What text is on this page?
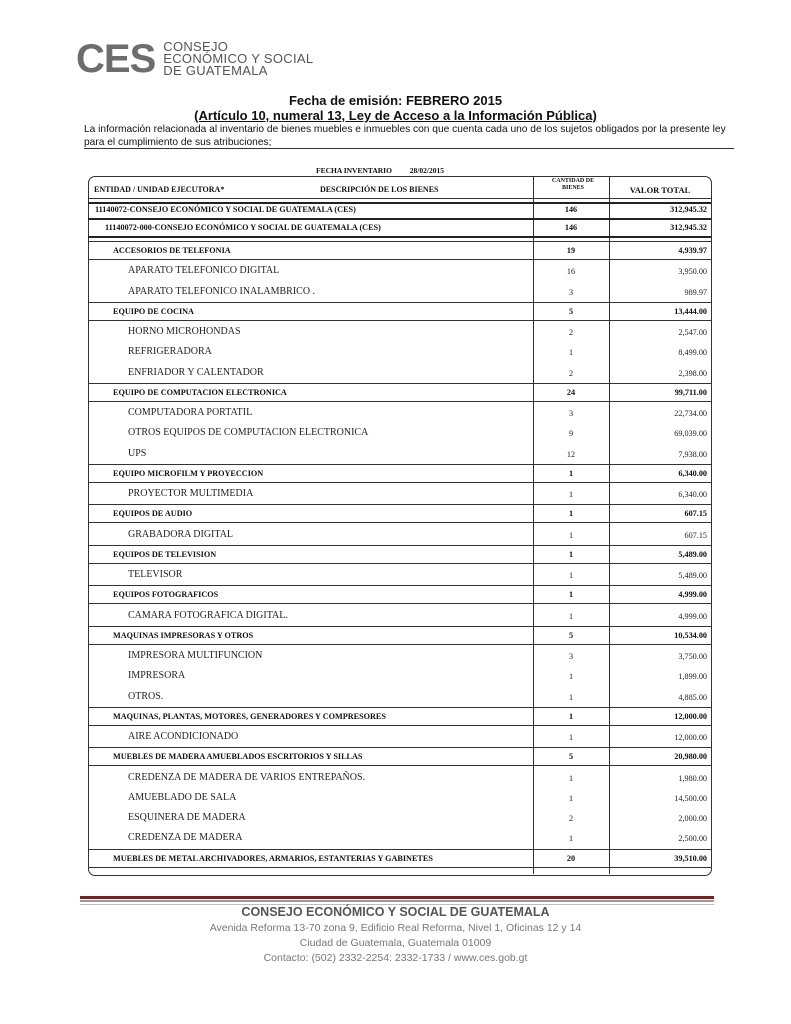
CES CONSEJO
ECONÓMICO Y SOCIAL
DE GUATEMALA
Fecha de emisión: FEBRERO 2015
(Artículo 10, numeral 13, Ley de Acceso a la Información Pública)
La información relacionada al inventario de bienes muebles e inmuebles con que cuenta cada uno de los sujetos obligados por la presente ley para el cumplimiento de sus atribuciones;
FECHA INVENTARIO 28/02/2015
ENTIDAD / UNIDAD EJECUTORA*	DESCRIPCIÓN DE LOS BIENES
CANTIDAD DE BIENES	VALOR TOTAL
11140072-CONSEJO ECONÓMICO Y SOCIAL DE GUATEMALA (CES)	146	312,945.32
11140072-000-CONSEJO ECONÓMICO Y SOCIAL DE GUATEMALA (CES)	146	312,945.32
ACCESORIOS DE TELEFONIA	19	4,939.97
APARATO TELEFONICO DIGITAL	16	3,950.00
APARATO TELEFONICO INALAMBRICO .	3	989.97
EQUIPO DE COCINA	5	13,444.00
HORNO MICROHONDAS	2	2,547.00
REFRIGERADORA	1	8,499.00
ENFRIADOR Y CALENTADOR	2	2,398.00
EQUIPO DE COMPUTACION ELECTRONICA	24	99,711.00
COMPUTADORA PORTATIL	3	22,734.00
OTROS EQUIPOS DE COMPUTACION ELECTRONICA	9	69,039.00
UPS	12	7,938.00
EQUIPO MICROFILM Y PROYECCION	1	6,340.00
PROYECTOR MULTIMEDIA	1	6,340.00
EQUIPOS DE AUDIO	1	607.15
GRABADORA DIGITAL	1	607.15
EQUIPOS DE TELEVISION	1	5,489.00
TELEVISOR	1	5,489.00
EQUIPOS FOTOGRAFICOS	1	4,999.00
CAMARA FOTOGRAFICA DIGITAL.	1	4,999.00
MAQUINAS IMPRESORAS Y OTROS	5	10,534.00
IMPRESORA MULTIFUNCION	3	3,750.00
IMPRESORA	1	1,899.00
OTROS.	1	4,885.00
MAQUINAS, PLANTAS, MOTORES, GENERADORES Y COMPRESORES	1	12,000.00
AIRE ACONDICIONADO	1	12,000.00
MUEBLES DE MADERA AMUEBLADOS ESCRITORIOS Y SILLAS	5	20,980.00
CREDENZA DE MADERA DE VARIOS ENTREPAÑOS.	1	1,980.00
AMUEBLADO DE SALA	1	14,500.00
ESQUINERA DE MADERA	2	2,000.00
CREDENZA DE MADERA	1	2,500.00
MUEBLES DE METAL ARCHIVADORES, ARMARIOS, ESTANTERIAS Y GABINETES	20	39,510.00
CONSEJO ECONÓMICO Y SOCIAL DE GUATEMALA
Avenida Reforma 13-70 zona 9, Edificio Real Reforma, Nivel 1, Oficinas 12 y 14
Ciudad de Guatemala, Guatemala 01009
Contacto: (502) 2332-2254: 2332-1733 / www.ces.gob.gt
